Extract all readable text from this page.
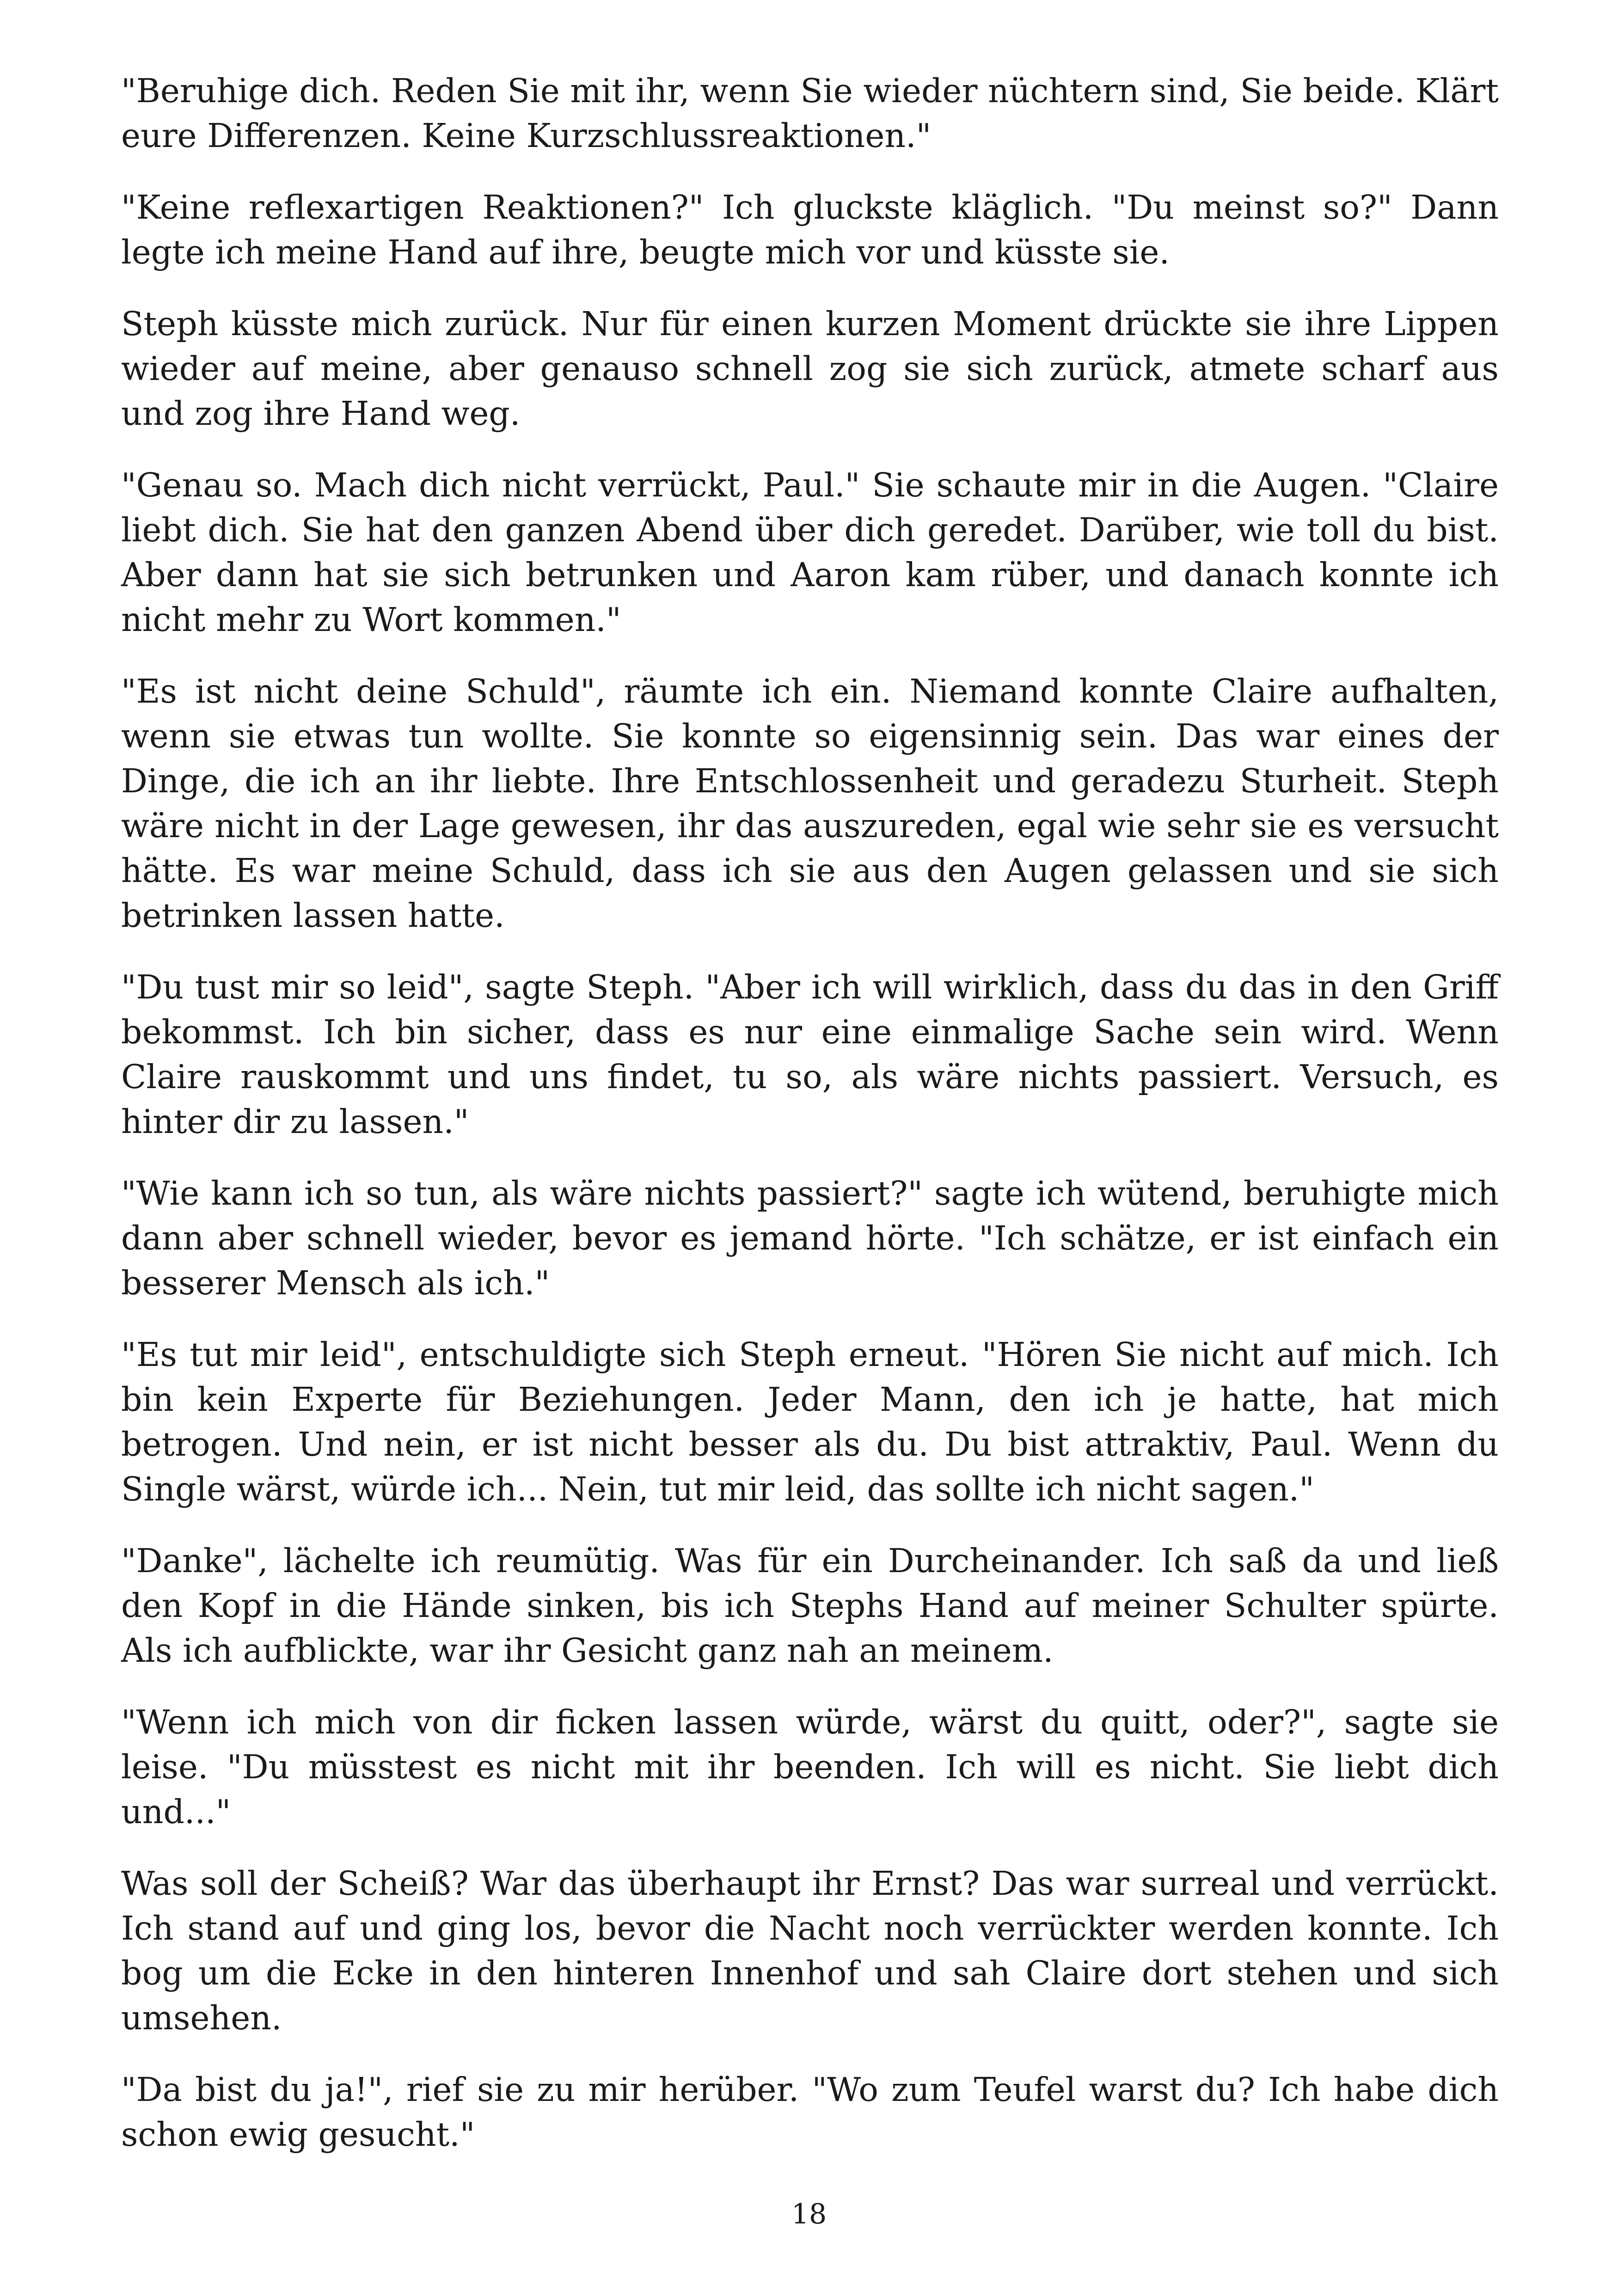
"Beruhige dich. Reden Sie mit ihr, wenn Sie wieder nüchtern sind, Sie beide. Klärt eure Differenzen. Keine Kurzschlussreaktionen."

"Keine reflexartigen Reaktionen?" Ich gluckste kläglich. "Du meinst so?" Dann legte ich meine Hand auf ihre, beugte mich vor und küsste sie.

Steph küsste mich zurück. Nur für einen kurzen Moment drückte sie ihre Lippen wieder auf meine, aber genauso schnell zog sie sich zurück, atmete scharf aus und zog ihre Hand weg.

"Genau so. Mach dich nicht verrückt, Paul." Sie schaute mir in die Augen. "Claire liebt dich. Sie hat den ganzen Abend über dich geredet. Darüber, wie toll du bist. Aber dann hat sie sich betrunken und Aaron kam rüber, und danach konnte ich nicht mehr zu Wort kommen."

"Es ist nicht deine Schuld", räumte ich ein. Niemand konnte Claire aufhalten, wenn sie etwas tun wollte. Sie konnte so eigensinnig sein. Das war eines der Dinge, die ich an ihr liebte. Ihre Entschlossenheit und geradezu Sturheit. Steph wäre nicht in der Lage gewesen, ihr das auszureden, egal wie sehr sie es versucht hätte. Es war meine Schuld, dass ich sie aus den Augen gelassen und sie sich betrinken lassen hatte.

"Du tust mir so leid", sagte Steph. "Aber ich will wirklich, dass du das in den Griff bekommst. Ich bin sicher, dass es nur eine einmalige Sache sein wird. Wenn Claire rauskommt und uns findet, tu so, als wäre nichts passiert. Versuch, es hinter dir zu lassen."

"Wie kann ich so tun, als wäre nichts passiert?" sagte ich wütend, beruhigte mich dann aber schnell wieder, bevor es jemand hörte. "Ich schätze, er ist einfach ein besserer Mensch als ich."

"Es tut mir leid", entschuldigte sich Steph erneut. "Hören Sie nicht auf mich. Ich bin kein Experte für Beziehungen. Jeder Mann, den ich je hatte, hat mich betrogen. Und nein, er ist nicht besser als du. Du bist attraktiv, Paul. Wenn du Single wärst, würde ich... Nein, tut mir leid, das sollte ich nicht sagen."

"Danke", lächelte ich reumütig. Was für ein Durcheinander. Ich saß da und ließ den Kopf in die Hände sinken, bis ich Stephs Hand auf meiner Schulter spürte. Als ich aufblickte, war ihr Gesicht ganz nah an meinem.

"Wenn ich mich von dir ficken lassen würde, wärst du quitt, oder?", sagte sie leise. "Du müsstest es nicht mit ihr beenden. Ich will es nicht. Sie liebt dich und..."

Was soll der Scheiß? War das überhaupt ihr Ernst? Das war surreal und verrückt. Ich stand auf und ging los, bevor die Nacht noch verrückter werden konnte. Ich bog um die Ecke in den hinteren Innenhof und sah Claire dort stehen und sich umsehen.

"Da bist du ja!", rief sie zu mir herüber. "Wo zum Teufel warst du? Ich habe dich schon ewig gesucht."

18
